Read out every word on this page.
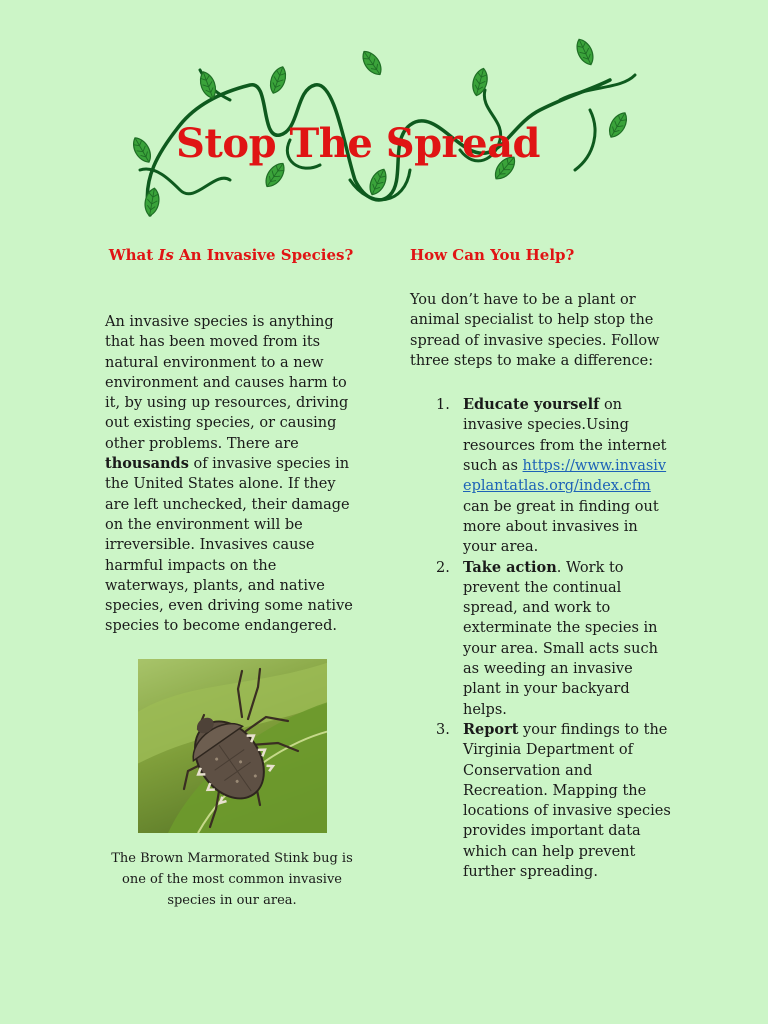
Stop The Spread
What Is An Invasive Species?

An invasive species is anything that has been moved from its natural environment to a new environment and causes harm to it, by using up resources, driving out existing species, or causing other problems. There are thousands of invasive species in the United States alone. If they are left unchecked, their damage on the environment will be irreversible. Invasives cause harmful impacts on the waterways, plants, and native species, even driving some native species to become endangered.

The Brown Marmorated Stink bug is one of the most common invasive species in our area.

How Can You Help?

You don’t have to be a plant or animal specialist to help stop the spread of invasive species. Follow three steps to make a difference:

1. Educate yourself on invasive species.Using resources from the internet such as https://www.invasiveplantatlas.org/index.cfm can be great in finding out more about invasives in your area.
2. Take action. Work to prevent the continual spread, and work to exterminate the species in your area. Small acts such as weeding an invasive plant in your backyard helps.
3. Report your findings to the Virginia Department of Conservation and Recreation. Mapping the locations of invasive species provides important data which can help prevent further spreading.
